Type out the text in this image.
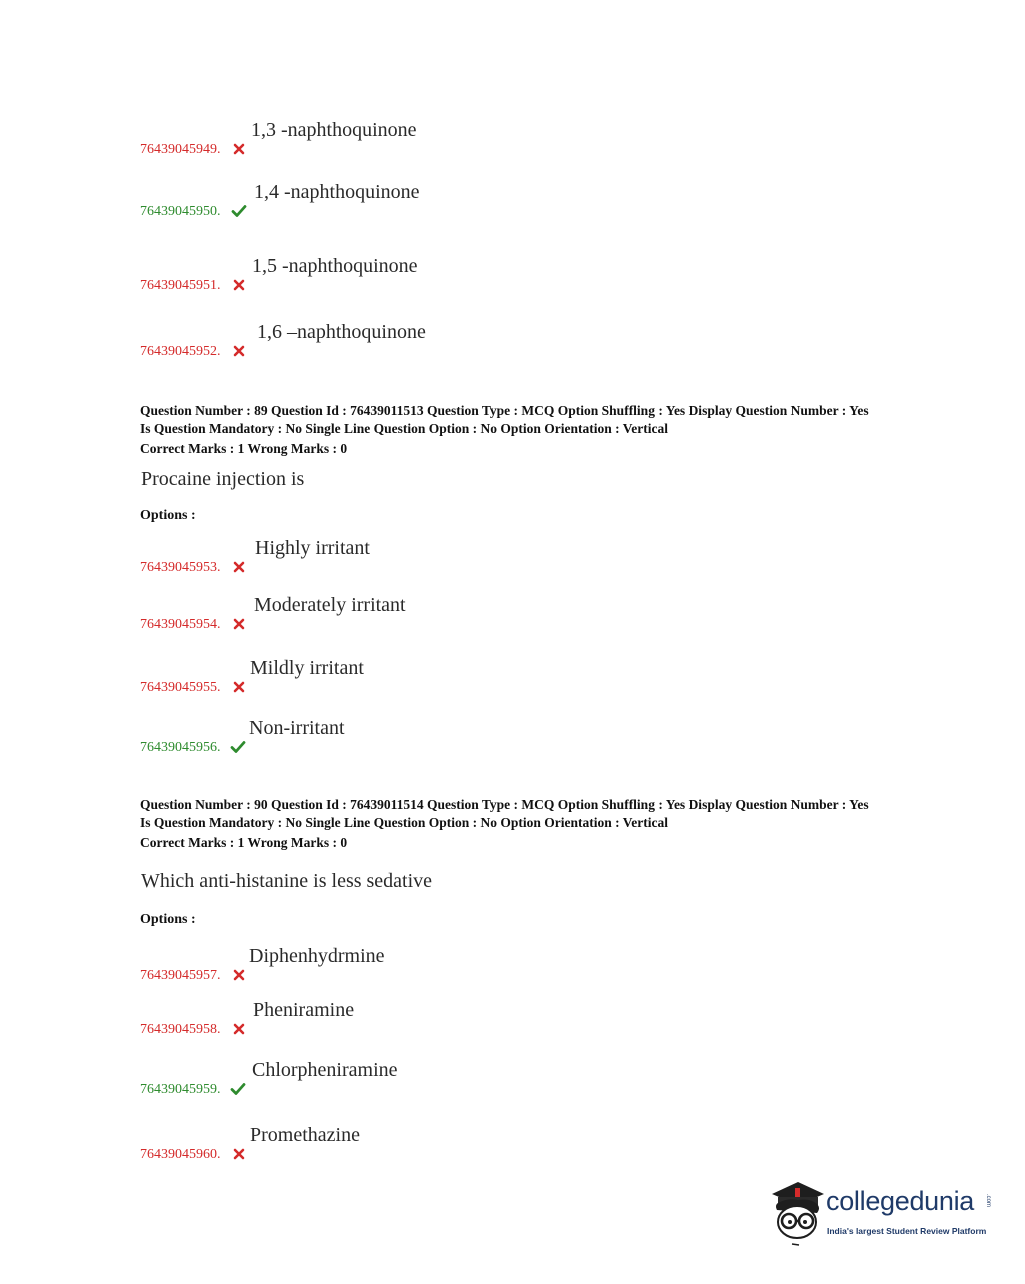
76439045949.
1,3 -naphthoquinone
76439045950.
1,4 -naphthoquinone
76439045951.
1,5 -naphthoquinone
76439045952.
1,6 –naphthoquinone
Question Number : 89 Question Id : 76439011513 Question Type : MCQ Option Shuffling : Yes Display Question Number : Yes Is Question Mandatory : No Single Line Question Option : No Option Orientation : Vertical
Correct Marks : 1 Wrong Marks : 0
Procaine injection is
Options :
76439045953.
Highly irritant
76439045954.
Moderately irritant
76439045955.
Mildly irritant
76439045956.
Non-irritant
Question Number : 90 Question Id : 76439011514 Question Type : MCQ Option Shuffling : Yes Display Question Number : Yes Is Question Mandatory : No Single Line Question Option : No Option Orientation : Vertical
Correct Marks : 1 Wrong Marks : 0
Which anti-histanine is less sedative
Options :
76439045957.
Diphenhydrmine
76439045958.
Pheniramine
76439045959.
Chlorpheniramine
76439045960.
Promethazine
collegedunia .com
India's largest Student Review Platform
